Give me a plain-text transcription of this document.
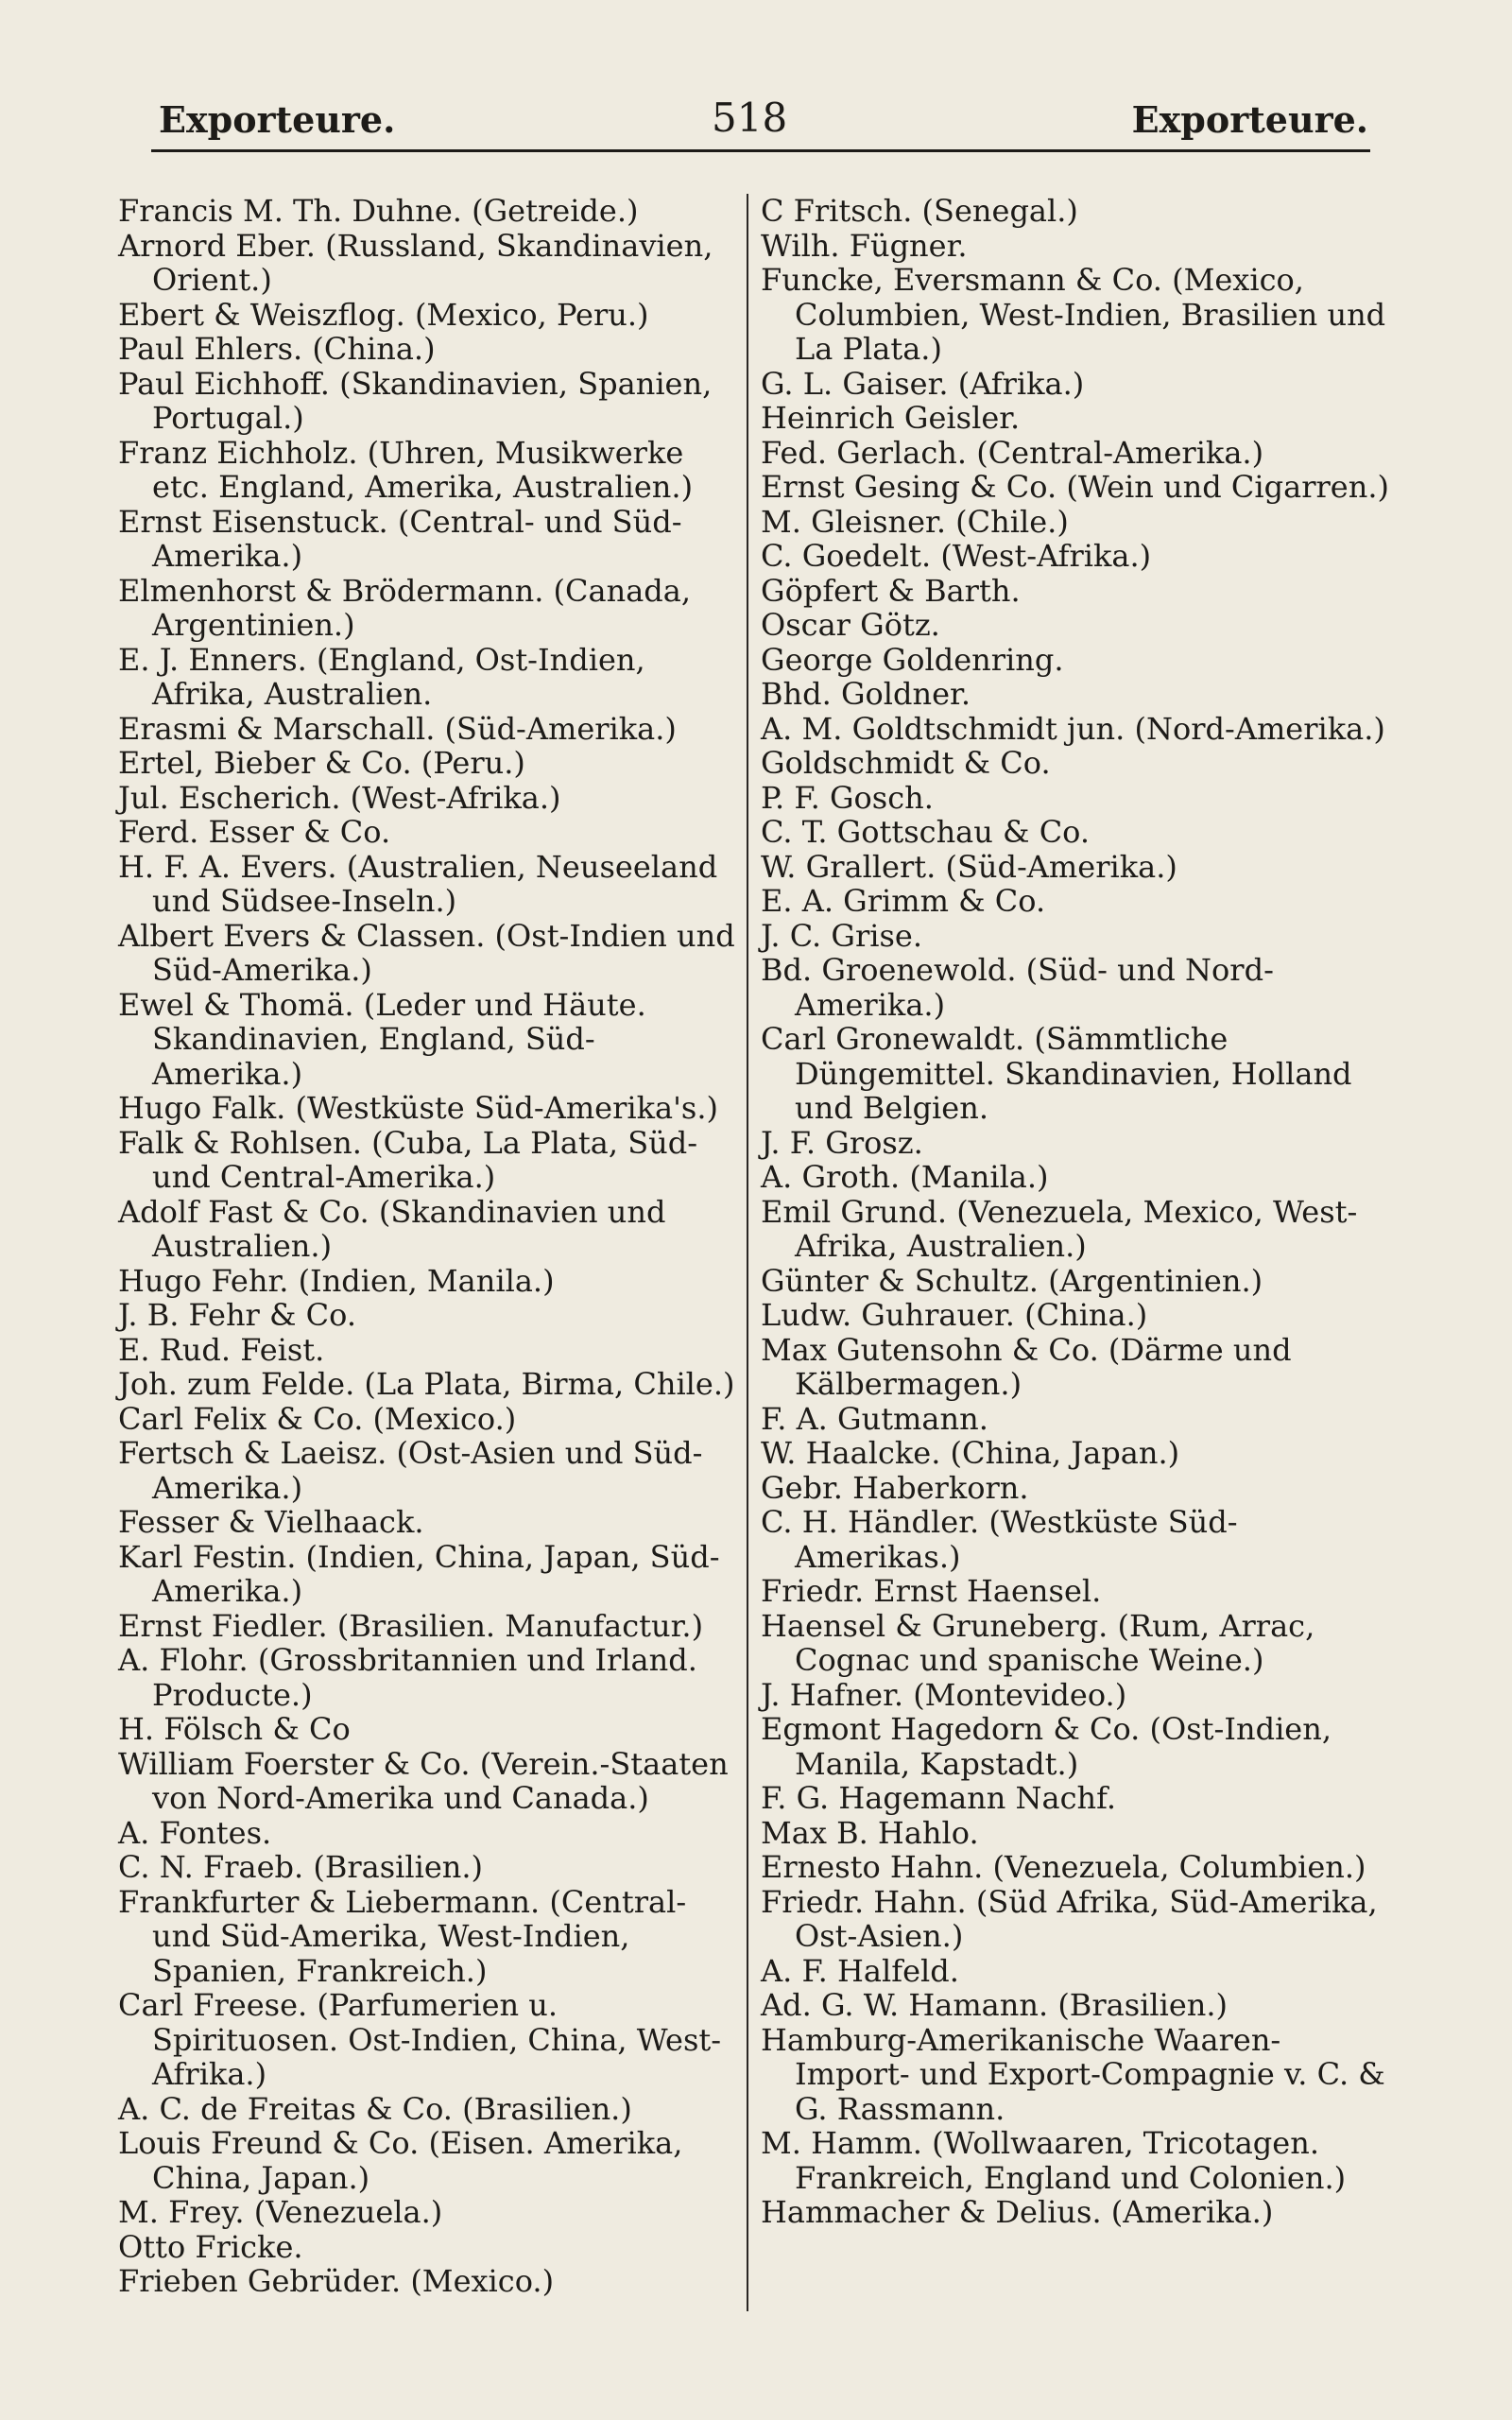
Exporteure.	518	Exporteure.
Francis M. Th. Duhne. (Getreide.)
Arnord Eber. (Russland, Skandinavien, Orient.)
Ebert & Weiszflog. (Mexico, Peru.)
Paul Ehlers. (China.)
Paul Eichhoff. (Skandinavien, Spanien, Portugal.)
Franz Eichholz. (Uhren, Musikwerke etc. England, Amerika, Australien.)
Ernst Eisenstuck. (Central- und Süd-Amerika.)
Elmenhorst & Brödermann. (Canada, Argentinien.)
E. J. Enners. (England, Ost-Indien, Afrika, Australien.
Erasmi & Marschall. (Süd-Amerika.)
Ertel, Bieber & Co. (Peru.)
Jul. Escherich. (West-Afrika.)
Ferd. Esser & Co.
H. F. A. Evers. (Australien, Neuseeland und Südsee-Inseln.)
Albert Evers & Classen. (Ost-Indien und Süd-Amerika.)
Ewel & Thomä. (Leder und Häute. Skandinavien, England, Süd-Amerika.)
Hugo Falk. (Westküste Süd-Amerika's.)
Falk & Rohlsen. (Cuba, La Plata, Süd- und Central-Amerika.)
Adolf Fast & Co. (Skandinavien und Australien.)
Hugo Fehr. (Indien, Manila.)
J. B. Fehr & Co.
E. Rud. Feist.
Joh. zum Felde. (La Plata, Birma, Chile.)
Carl Felix & Co. (Mexico.)
Fertsch & Laeisz. (Ost-Asien und Süd-Amerika.)
Fesser & Vielhaack.
Karl Festin. (Indien, China, Japan, Süd-Amerika.)
Ernst Fiedler. (Brasilien. Manufactur.)
A. Flohr. (Grossbritannien und Irland. Producte.)
H. Fölsch & Co
William Foerster & Co. (Verein.-Staaten von Nord-Amerika und Canada.)
A. Fontes.
C. N. Fraeb. (Brasilien.)
Frankfurter & Liebermann. (Central- und Süd-Amerika, West-Indien, Spanien, Frankreich.)
Carl Freese. (Parfumerien u. Spirituosen. Ost-Indien, China, West-Afrika.)
A. C. de Freitas & Co. (Brasilien.)
Louis Freund & Co. (Eisen. Amerika, China, Japan.)
M. Frey. (Venezuela.)
Otto Fricke.
Frieben Gebrüder. (Mexico.)
C Fritsch. (Senegal.)
Wilh. Fügner.
Funcke, Eversmann & Co. (Mexico, Columbien, West-Indien, Brasilien und La Plata.)
G. L. Gaiser. (Afrika.)
Heinrich Geisler.
Fed. Gerlach. (Central-Amerika.)
Ernst Gesing & Co. (Wein und Cigarren.)
M. Gleisner. (Chile.)
C. Goedelt. (West-Afrika.)
Göpfert & Barth.
Oscar Götz.
George Goldenring.
Bhd. Goldner.
A. M. Goldtschmidt jun. (Nord-Amerika.)
Goldschmidt & Co.
P. F. Gosch.
C. T. Gottschau & Co.
W. Grallert. (Süd-Amerika.)
E. A. Grimm & Co.
J. C. Grise.
Bd. Groenewold. (Süd- und Nord-Amerika.)
Carl Gronewaldt. (Sämmtliche Düngemittel. Skandinavien, Holland und Belgien.
J. F. Grosz.
A. Groth. (Manila.)
Emil Grund. (Venezuela, Mexico, West-Afrika, Australien.)
Günter & Schultz. (Argentinien.)
Ludw. Guhrauer. (China.)
Max Gutensohn & Co. (Därme und Kälbermagen.)
F. A. Gutmann.
W. Haalcke. (China, Japan.)
Gebr. Haberkorn.
C. H. Händler. (Westküste Süd-Amerikas.)
Friedr. Ernst Haensel.
Haensel & Gruneberg. (Rum, Arrac, Cognac und spanische Weine.)
J. Hafner. (Montevideo.)
Egmont Hagedorn & Co. (Ost-Indien, Manila, Kapstadt.)
F. G. Hagemann Nachf.
Max B. Hahlo.
Ernesto Hahn. (Venezuela, Columbien.)
Friedr. Hahn. (Süd Afrika, Süd-Amerika, Ost-Asien.)
A. F. Halfeld.
Ad. G. W. Hamann. (Brasilien.)
Hamburg-Amerikanische Waaren-Import- und Export-Compagnie v. C. & G. Rassmann.
M. Hamm. (Wollwaaren, Tricotagen. Frankreich, England und Colonien.)
Hammacher & Delius. (Amerika.)
